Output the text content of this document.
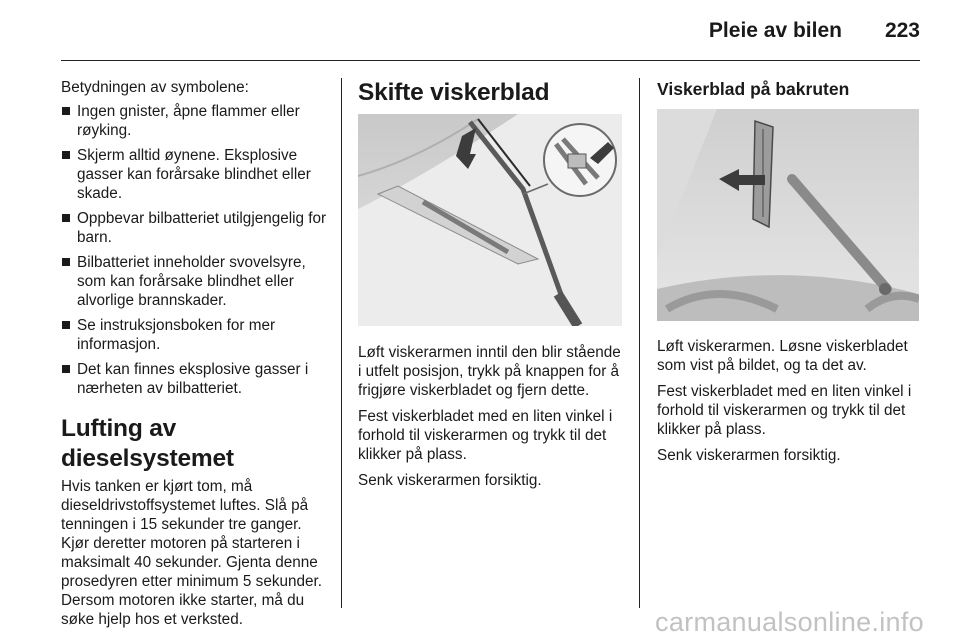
Pleie av bilen 223

Betydningen av symbolene:

Ingen gnister, åpne flammer eller røyking.
Skjerm alltid øynene. Eksplosive gasser kan forårsake blindhet eller skade.
Oppbevar bilbatteriet utilgjengelig for barn.
Bilbatteriet inneholder svovelsyre, som kan forårsake blindhet eller alvorlige brannskader.
Se instruksjonsboken for mer informasjon.
Det kan finnes eksplosive gasser i nærheten av bilbatteriet.
Lufting av dieselsystemet

Hvis tanken er kjørt tom, må dieseldrivstoffsystemet luftes. Slå på tenningen i 15 sekunder tre ganger. Kjør deretter motoren på starteren i maksimalt 40 sekunder. Gjenta denne prosedyren etter minimum 5 sekunder. Dersom motoren ikke starter, må du søke hjelp hos et verksted.

Skifte viskerblad

Løft viskerarmen inntil den blir stående i utfelt posisjon, trykk på knappen for å frigjøre viskerbladet og fjern dette.

Fest viskerbladet med en liten vinkel i forhold til viskerarmen og trykk til det klikker på plass.

Senk viskerarmen forsiktig.

Viskerblad på bakruten

Løft viskerarmen. Løsne viskerbladet som vist på bildet, og ta det av.

Fest viskerbladet med en liten vinkel i forhold til viskerarmen og trykk til det klikker på plass.

Senk viskerarmen forsiktig.

carmanualsonline.info
